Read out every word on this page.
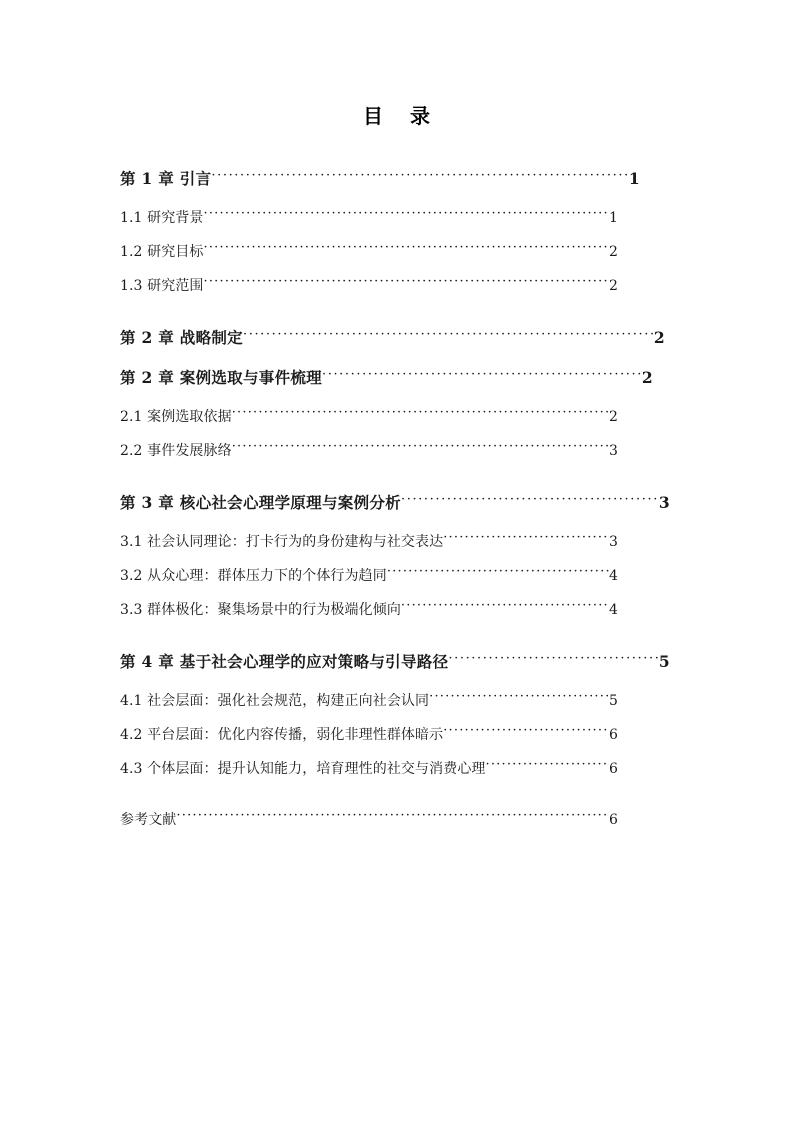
目 录
第 1 章 引言 ·····	1
1.1 研究背景 ·····	1
1.2 研究目标 ·····	2
1.3 研究范围 ·····	2
第 2 章 战略制定 ·····	2
第 2 章 案例选取与事件梳理 ·····	2
2.1 案例选取依据 ·····	2
2.2 事件发展脉络 ·····	3
第 3 章 核心社会心理学原理与案例分析 ·····	3
3.1 社会认同理论：打卡行为的身份建构与社交表达 ·····	3
3.2 从众心理：群体压力下的个体行为趋同 ·····	4
3.3 群体极化：聚集场景中的行为极端化倾向 ·····	4
第 4 章 基于社会心理学的应对策略与引导路径 ·····	5
4.1 社会层面：强化社会规范，构建正向社会认同 ·····	5
4.2 平台层面：优化内容传播，弱化非理性群体暗示 ·····	6
4.3 个体层面：提升认知能力，培育理性的社交与消费心理 ·····	6
参考文献 ·····	6
